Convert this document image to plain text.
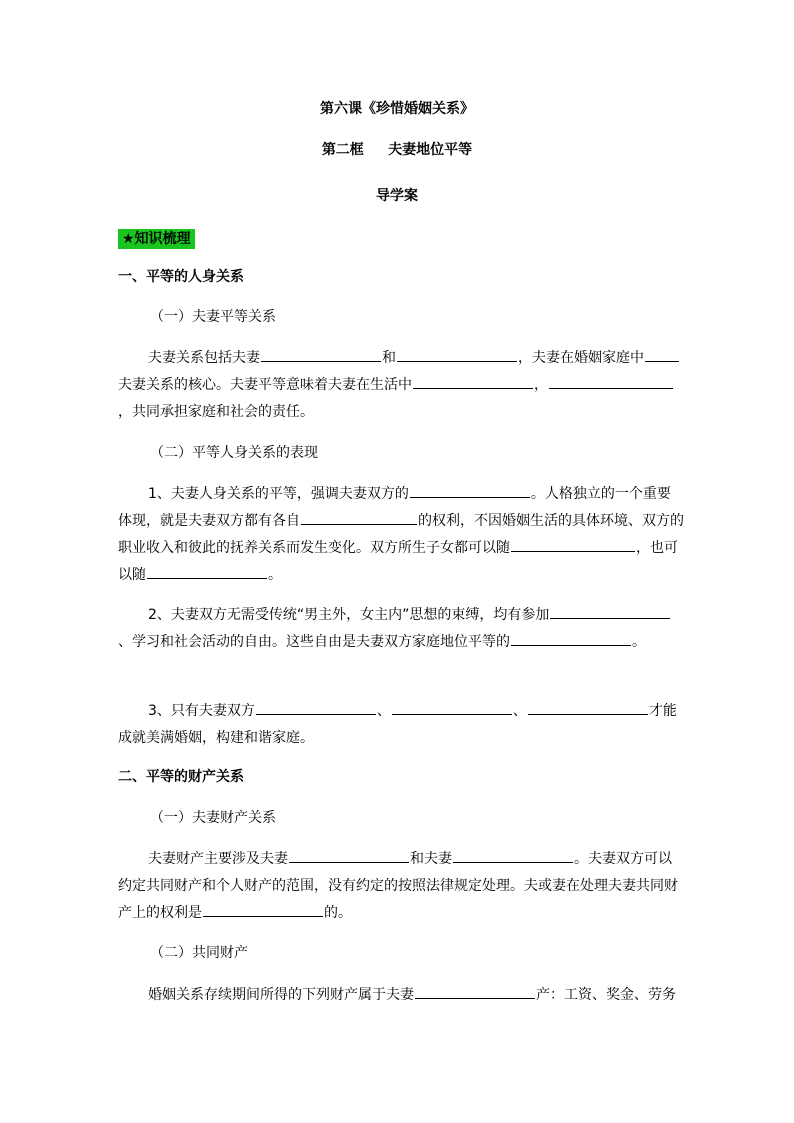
第六课《珍惜婚姻关系》
第二框 夫妻地位平等
导学案
★知识梳理
一、平等的人身关系
（一）夫妻平等关系
夫妻关系包括夫妻	和	，夫妻在婚姻家庭中夫妻关系的核心。夫妻平等意味着夫妻在生活中	，，共同承担家庭和社会的责任。
（二）平等人身关系的表现
1、夫妻人身关系的平等，强调夫妻双方的	。人格独立的一个重要体现，就是夫妻双方都有各自	的权利，不因婚姻生活的具体环境、双方的职业收入和彼此的抚养关系而发生变化。双方所生子女都可以随	，也可以随	。
2、夫妻双方无需受传统“男主外，女主内”思想的束缚，均有参加、学习和社会活动的自由。这些自由是夫妻双方家庭地位平等的	。
3、只有夫妻双方	、	、	才能成就美满婚姻，构建和谐家庭。
二、平等的财产关系
（一）夫妻财产关系
夫妻财产主要涉及夫妻	和夫妻	。夫妻双方可以约定共同财产和个人财产的范围，没有约定的按照法律规定处理。夫或妻在处理夫妻共同财产上的权利是	的。
（二）共同财产
婚姻关系存续期间所得的下列财产属于夫妻	产：工资、奖金、劳务
